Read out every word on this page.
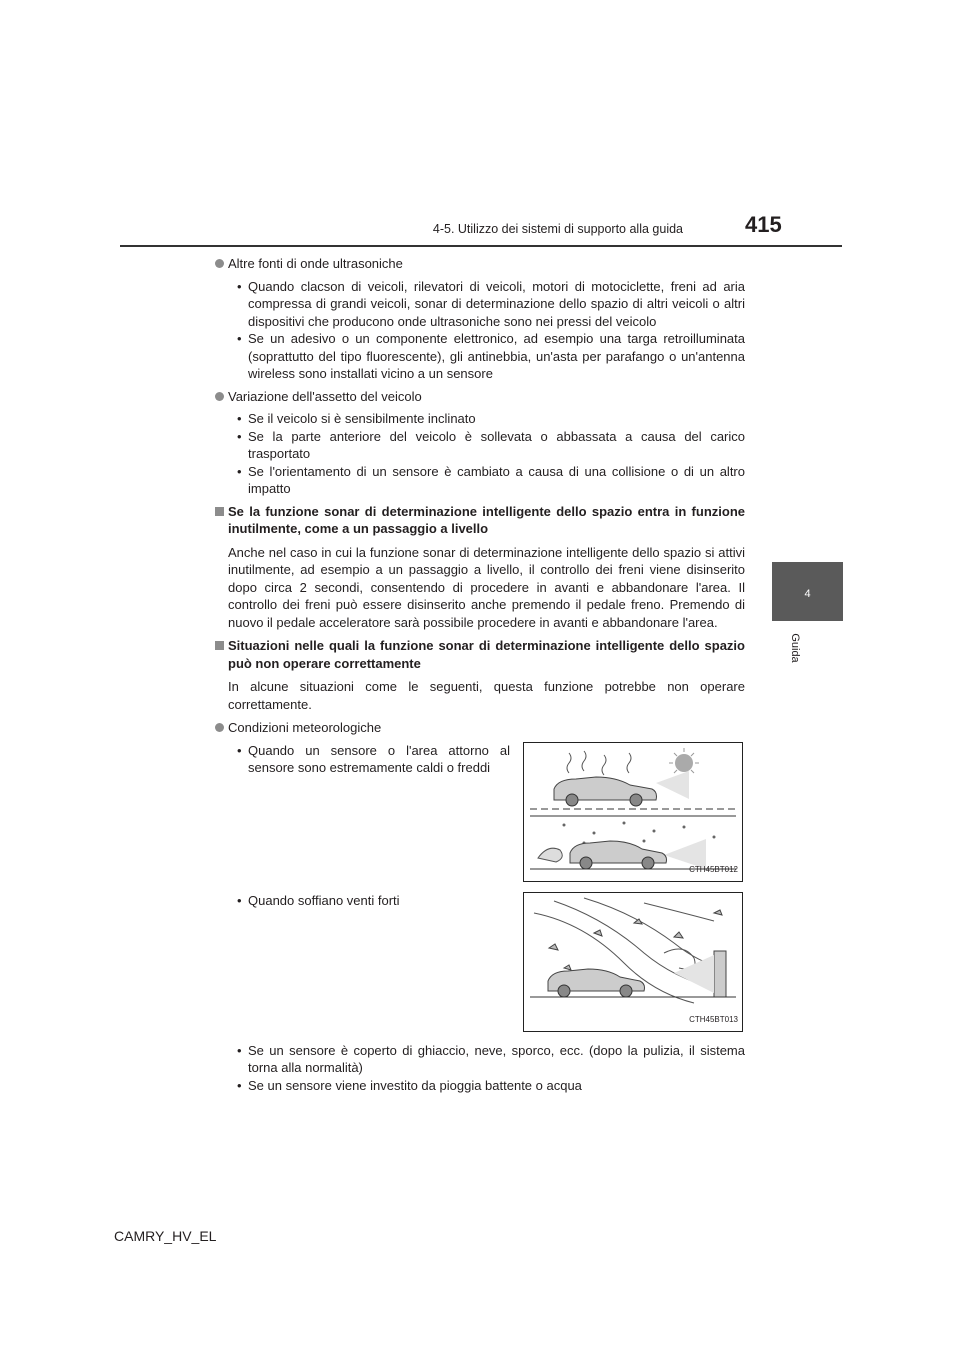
4-5. Utilizzo dei sistemi di supporto alla guida	415
4
Guida
Altre fonti di onde ultrasoniche
• Quando clacson di veicoli, rilevatori di veicoli, motori di motociclette, freni ad aria compressa di grandi veicoli, sonar di determinazione dello spazio di altri veicoli o altri dispositivi che producono onde ultrasoniche sono nei pressi del veicolo
• Se un adesivo o un componente elettronico, ad esempio una targa retroilluminata (soprattutto del tipo fluorescente), gli antinebbia, un'asta per parafango o un'antenna wireless sono installati vicino a un sensore
Variazione dell'assetto del veicolo
• Se il veicolo si è sensibilmente inclinato
• Se la parte anteriore del veicolo è sollevata o abbassata a causa del carico trasportato
• Se l'orientamento di un sensore è cambiato a causa di una collisione o di un altro impatto
Se la funzione sonar di determinazione intelligente dello spazio entra in funzione inutilmente, come a un passaggio a livello
Anche nel caso in cui la funzione sonar di determinazione intelligente dello spazio si attivi inutilmente, ad esempio a un passaggio a livello, il controllo dei freni viene disinserito dopo circa 2 secondi, consentendo di procedere in avanti e abbandonare l'area. Il controllo dei freni può essere disinserito anche premendo il pedale freno. Premendo di nuovo il pedale acceleratore sarà possibile procedere in avanti e abbandonare l'area.
Situazioni nelle quali la funzione sonar di determinazione intelligente dello spazio può non operare correttamente
In alcune situazioni come le seguenti, questa funzione potrebbe non operare correttamente.
Condizioni meteorologiche
• Quando un sensore o l'area attorno al sensore sono estremamente caldi o freddi
CTH45BT012
• Quando soffiano venti forti
CTH45BT013
• Se un sensore è coperto di ghiaccio, neve, sporco, ecc. (dopo la pulizia, il sistema torna alla normalità)
• Se un sensore viene investito da pioggia battente o acqua
CAMRY_HV_EL
